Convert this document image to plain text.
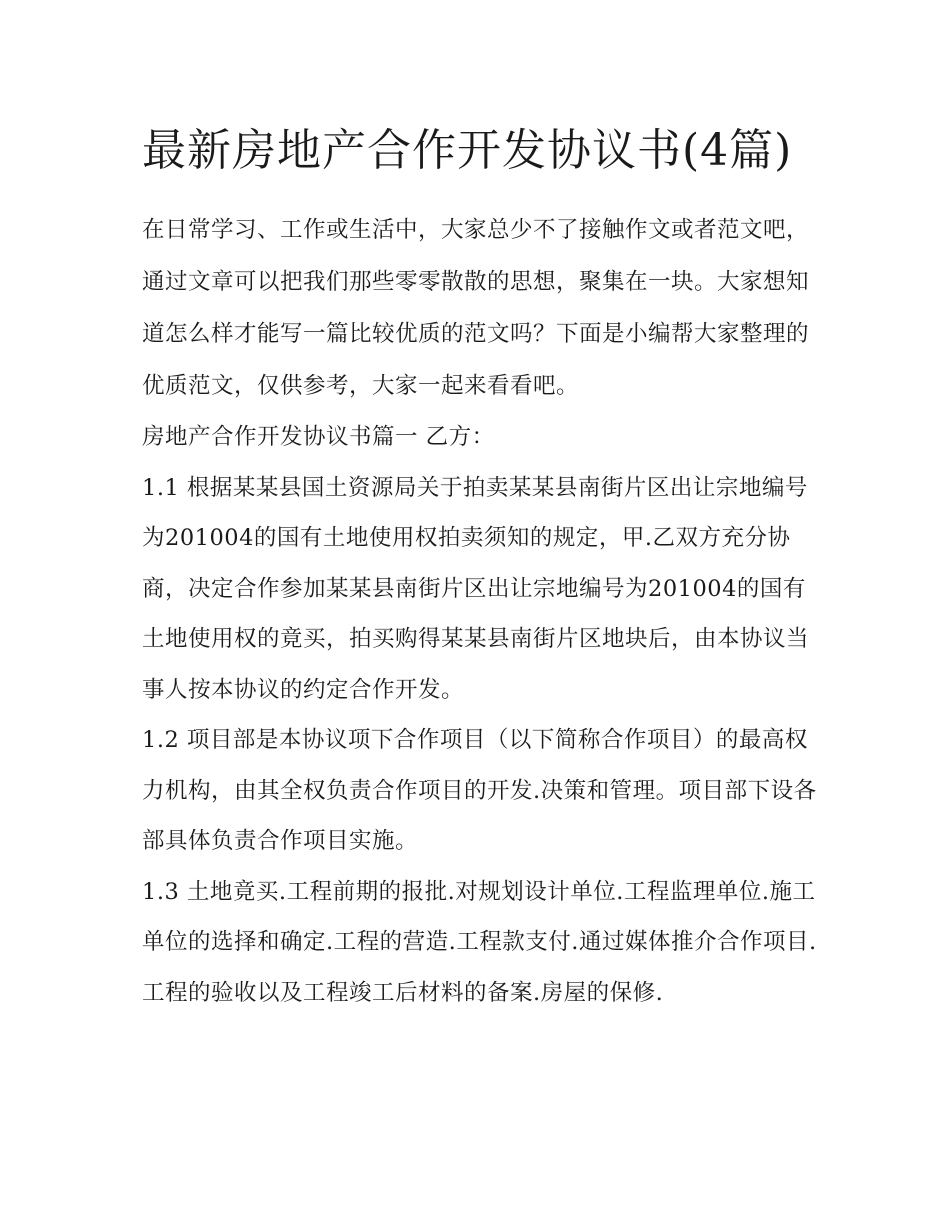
最新房地产合作开发协议书(4篇)

在日常学习、工作或生活中，大家总少不了接触作文或者范文吧，通过文章可以把我们那些零零散散的思想，聚集在一块。大家想知道怎么样才能写一篇比较优质的范文吗？下面是小编帮大家整理的优质范文，仅供参考，大家一起来看看吧。

房地产合作开发协议书篇一 乙方：

1.1 根据某某县国土资源局关于拍卖某某县南街片区出让宗地编号为201004的国有土地使用权拍卖须知的规定，甲.乙双方充分协商，决定合作参加某某县南街片区出让宗地编号为201004的国有土地使用权的竟买，拍买购得某某县南街片区地块后，由本协议当事人按本协议的约定合作开发。

1.2 项目部是本协议项下合作项目（以下简称合作项目）的最高权力机构，由其全权负责合作项目的开发.决策和管理。项目部下设各部具体负责合作项目实施。

1.3 土地竟买.工程前期的报批.对规划设计单位.工程监理单位.施工单位的选择和确定.工程的营造.工程款支付.通过媒体推介合作项目.工程的验收以及工程竣工后材料的备案.房屋的保修.
